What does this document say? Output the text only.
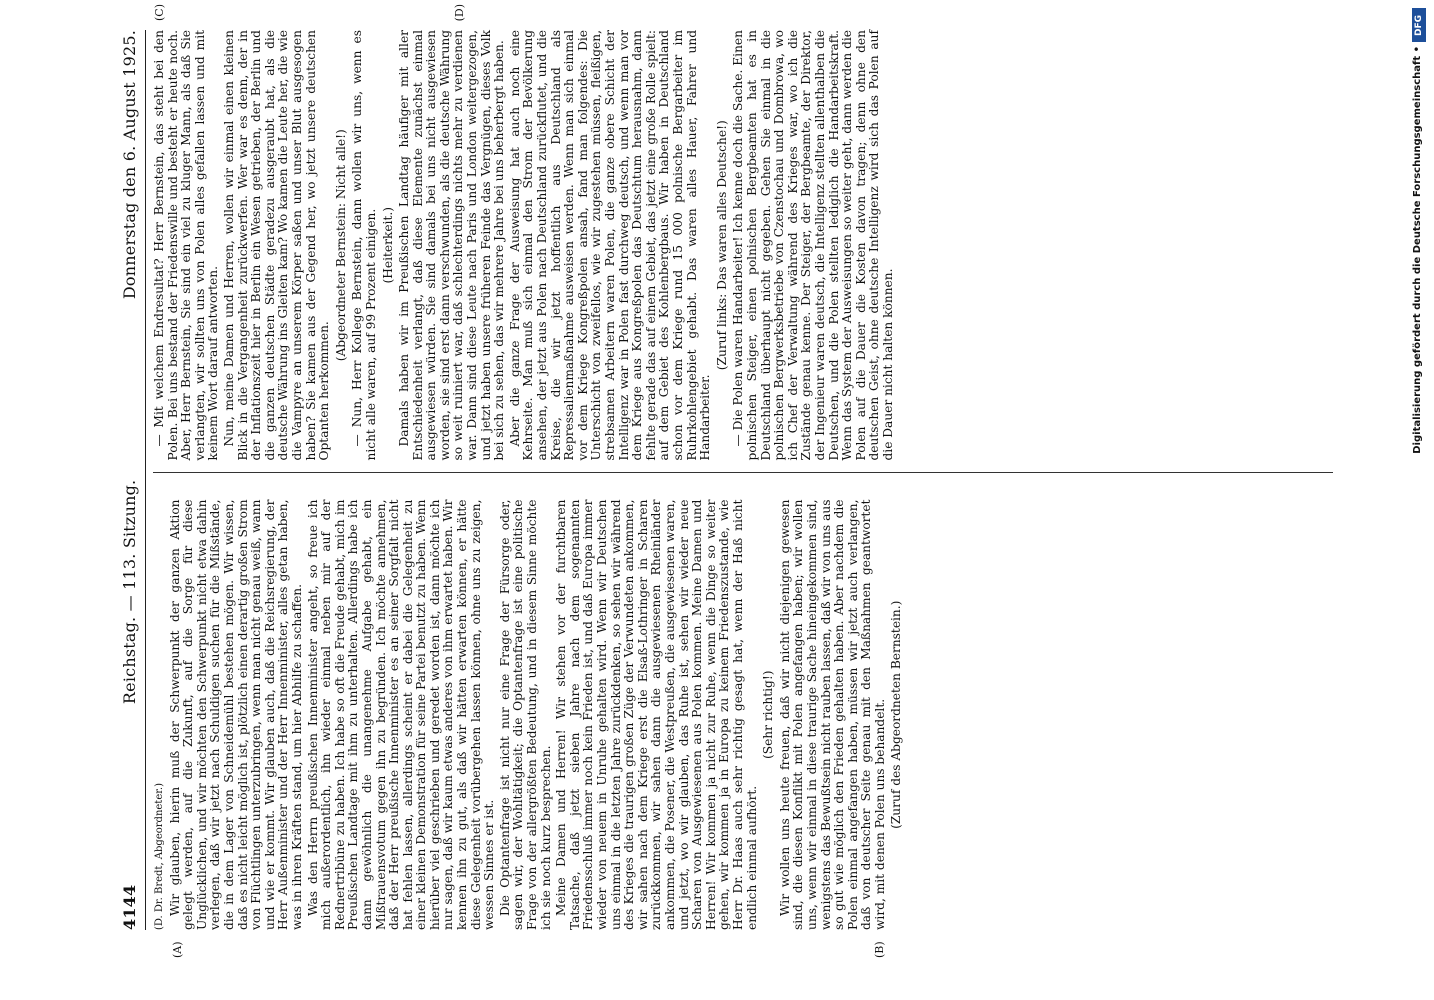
4144
Reichstag. — 113. Sitzung.
Donnerstag den 6. August 1925.
(A)	(B)

(D. Dr. Bredt, Abgeordneter.) Wir glauben, hierin muß der Schwerpunkt der ganzen Aktion gelegt werden, auf die Zukunft, auf die Sorge für diese Unglücklichen, und wir möchten den Schwerpunkt nicht etwa dahin verlegen, daß wir jetzt nach Schuldigen suchen für die Mißstände, die in dem Lager von Schneidemühl bestehen mögen. Wir wissen, daß es nicht leicht möglich ist, plötzlich einen derartig großen Strom von Flüchtlingen unterzubringen, wenn man nicht genau weiß, wann und wie er kommt. Wir glauben auch, daß die Reichsregierung, der Herr Außenminister und der Herr Innenminister, alles getan haben, was in ihren Kräften stand, um hier Abhilfe zu schaffen. Was den Herrn preußischen Innenminister angeht, so freue ich mich außerordentlich, ihn wieder einmal neben mir auf der Rednertribüne zu haben. Ich habe so oft die Freude gehabt, mich im Preußischen Landtage mit ihm zu unterhalten. Allerdings habe ich dann gewöhnlich die unangenehme Aufgabe gehabt, ein Mißtrauensvotum gegen ihn zu begründen. Ich möchte annehmen, daß der Herr preußische Innenminister es an seiner Sorgfalt nicht hat fehlen lassen, allerdings scheint er dabei die Gelegenheit zu einer kleinen Demonstration für seine Partei benutzt zu haben. Wenn hierüber viel geschrieben und geredet worden ist, dann möchte ich nur sagen, daß wir kaum etwas anderes von ihm erwartet haben. Wir kennen ihn zu gut, als daß wir hätten erwarten können, er hätte diese Gelegenheit vorübergehen lassen können, ohne uns zu zeigen, wessen Sinnes er ist. Die Optantenfrage ist nicht nur eine Frage der Fürsorge oder, sagen wir, der Wohltätigkeit; die Optantenfrage ist eine politische Frage von der allergrößten Bedeutung, und in diesem Sinne möchte ich sie noch kurz besprechen. Meine Damen und Herren! Wir stehen vor der furchtbaren Tatsache, daß jetzt sieben Jahre nach dem sogenannten Friedensschluß immer noch kein Frieden ist, und daß Europa immer wieder von neuem in Unruhe gehalten wird. Wenn wir Deutschen uns einmal in die letzten Jahre zurückdenken, so sehen wir während des Krieges die traurigen großen Züge der Verwundeten ankommen, wir sahen nach dem Kriege erst die Elsaß-Lothringer in Scharen zurückkommen, wir sahen dann die ausgewiesenen Rheinländer ankommen, die Posener, die Westpreußen, die ausgewiesenen waren, und jetzt, wo wir glauben, das Ruhe ist, sehen wir wieder neue Scharen von Ausgewiesenen aus Polen kommen. Meine Damen und Herren! Wir kommen ja nicht zur Ruhe, wenn die Dinge so weiter gehen, wir kommen ja in Europa zu keinem Friedenszustande, wie Herr Dr. Haas auch sehr richtig gesagt hat, wenn der Haß nicht endlich einmal aufhört.

(Sehr richtig!) Wir wollen uns heute freuen, daß wir nicht diejenigen gewesen sind, die diesen Konflikt mit Polen angefangen haben; wir wollen uns, wenn wir einmal in diese traurige Sache hineingekommen sind, wenigstens das Bewußtsein nicht rauben lassen, daß wir von uns aus so gut wie möglich den Frieden gehalten haben. Aber nachdem die Polen einmal angefangen haben, müssen wir jetzt auch verlangen, daß von deutscher Seite genau mit den Maßnahmen geantwortet wird, mit denen Polen uns behandelt. (Zuruf des Abgeordneten Bernstein.)

(C)	(D)

— Mit welchem Endresultat? Herr Bernstein, das steht bei den Polen. Bei uns bestand der Friedenswille und besteht er heute noch. Aber, Herr Bernstein, Sie sind ein viel zu kluger Mann, als daß Sie verlangten, wir sollten uns von Polen alles gefallen lassen und mit keinem Wort darauf antworten. Nun, meine Damen und Herren, wollen wir einmal einen kleinen Blick in die Vergangenheit zurückwerfen. Wer war es denn, der in der Inflationszeit hier in Berlin ein Wesen getrieben, der Berlin und die ganzen deutschen Städte geradezu ausgeraubt hat, als die deutsche Währung ins Gleiten kam? Wo kamen die Leute her, die wie die Vampyre an unserem Körper saßen und unser Blut ausgesogen haben? Sie kamen aus der Gegend her, wo jetzt unsere deutschen Optanten herkommen.

(Abgeordneter Bernstein: Nicht alle!) — Nun, Herr Kollege Bernstein, dann wollen wir uns, wenn es nicht alle waren, auf 99 Prozent einigen. (Heiterkeit.) Damals haben wir im Preußischen Landtag häufiger mit aller Entschiedenheit verlangt, daß diese Elemente zunächst einmal ausgewiesen würden. Sie sind damals bei uns nicht ausgewiesen worden, sie sind erst dann verschwunden, als die deutsche Währung so weit ruiniert war, daß schlechterdings nichts mehr zu verdienen war. Dann sind diese Leute nach Paris und London weitergezogen, und jetzt haben unsere früheren Feinde das Vergnügen, dieses Volk bei sich zu sehen, das wir mehrere Jahre bei uns beherbergt haben. Aber die ganze Frage der Ausweisung hat auch noch eine Kehrseite. Man muß sich einmal den Strom der Bevölkerung ansehen, der jetzt aus Polen nach Deutschland zurückflutet, und die Kreise, die wir jetzt hoffentlich aus Deutschland als Repressalienmaßnahme ausweisen werden. Wenn man sich einmal vor dem Kriege Kongreßpolen ansah, fand man folgendes: Die Unterschicht von zweifellos, wie wir zugestehen müssen, fleißigen, strebsamen Arbeitern waren Polen, die ganze obere Schicht der Intelligenz war in Polen fast durchweg deutsch, und wenn man vor dem Kriege aus Kongreßpolen das Deutschtum herausnahm, dann fehlte gerade das auf einem Gebiet, das jetzt eine große Rolle spielt: auf dem Gebiet des Kohlenbergbaus. Wir haben in Deutschland schon vor dem Kriege rund 15 000 polnische Bergarbeiter im Ruhrkohlengebiet gehabt. Das waren alles Hauer, Fahrer und Handarbeiter.

(Zuruf links: Das waren alles Deutsche!) — Die Polen waren Handarbeiter! Ich kenne doch die Sache. Einen polnischen Steiger, einen polnischen Bergbeamten hat es in Deutschland überhaupt nicht gegeben. Gehen Sie einmal in die polnischen Bergwerksbetriebe von Czenstochau und Dombrowa, wo ich Chef der Verwaltung während des Krieges war, wo ich die Zustände genau kenne. Der Steiger, der Bergbeamte, der Direktor, der Ingenieur waren deutsch, die Intelligenz stellten allenthalben die Deutschen, und die Polen stellten lediglich die Handarbeitskraft. Wenn das System der Ausweisungen so weiter geht, dann werden die Polen auf die Dauer die Kosten davon tragen; denn ohne den deutschen Geist, ohne deutsche Intelligenz wird sich das Polen auf die Dauer nicht halten können.

DFG
Digitalisierung gefördert durch die Deutsche Forschungsgemeinschaft •
